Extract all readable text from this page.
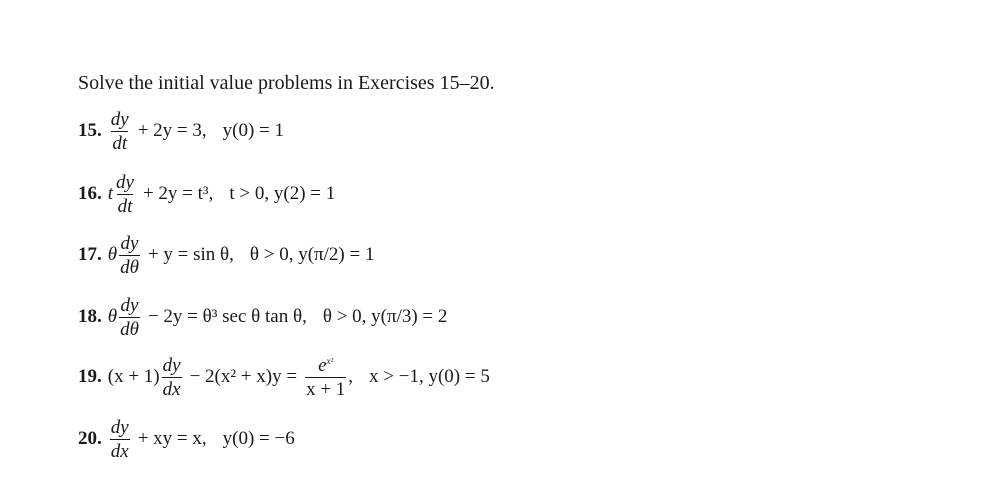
Solve the initial value problems in Exercises 15–20.
15. $\frac{dy}{dt} + 2y = 3$, y(0) = 1
16. t $\frac{dy}{dt} + 2y = t^3$, t > 0, y(2) = 1
17. θ $\frac{dy}{d\theta} + y = \sin \theta$, θ > 0, y(π/2) = 1
18. θ $\frac{dy}{d\theta} - 2y = \theta^3$ sec θ tan θ, θ > 0, y(π/3) = 2
19. $(x + 1) \frac{dy}{dx} - 2(x^2 + x)y = \frac{e^{x^2}}{x + 1}$ , x > −1, y(0) = 5
20. $\frac{dy}{dx}$ + xy = x, y(0) = −6
